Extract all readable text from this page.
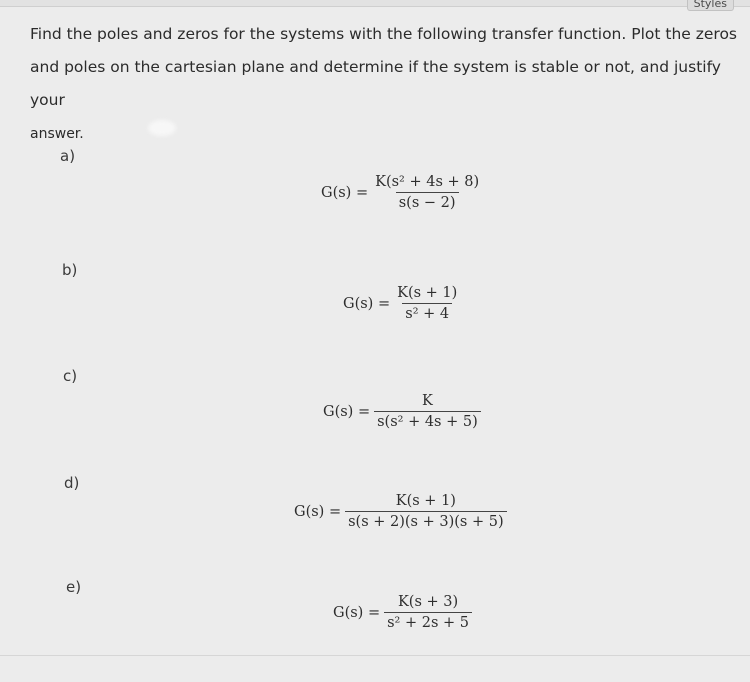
Styles
Find the poles and zeros for the systems with the following transfer function. Plot the zeros and poles on the cartesian plane and determine if the system is stable or not, and justify your
answer.
a)
$G(s) = \frac{\text{K(s² + 4s + 8)}}{s(s - 2)}$
b)
$G(s) = \frac{K(s + 1)}{\text{s² + 4}}$
c)
$G(s) = \frac{K}{\text{s(s² + 4s + 5)}}$
d)
$G(s) = \frac{K(s + 1)}{s(s + 2)(s + 3)(s + 5)}$
e)
$G(s) = \frac{K(s + 3)}{\text{s² + 2s + 5}}$
